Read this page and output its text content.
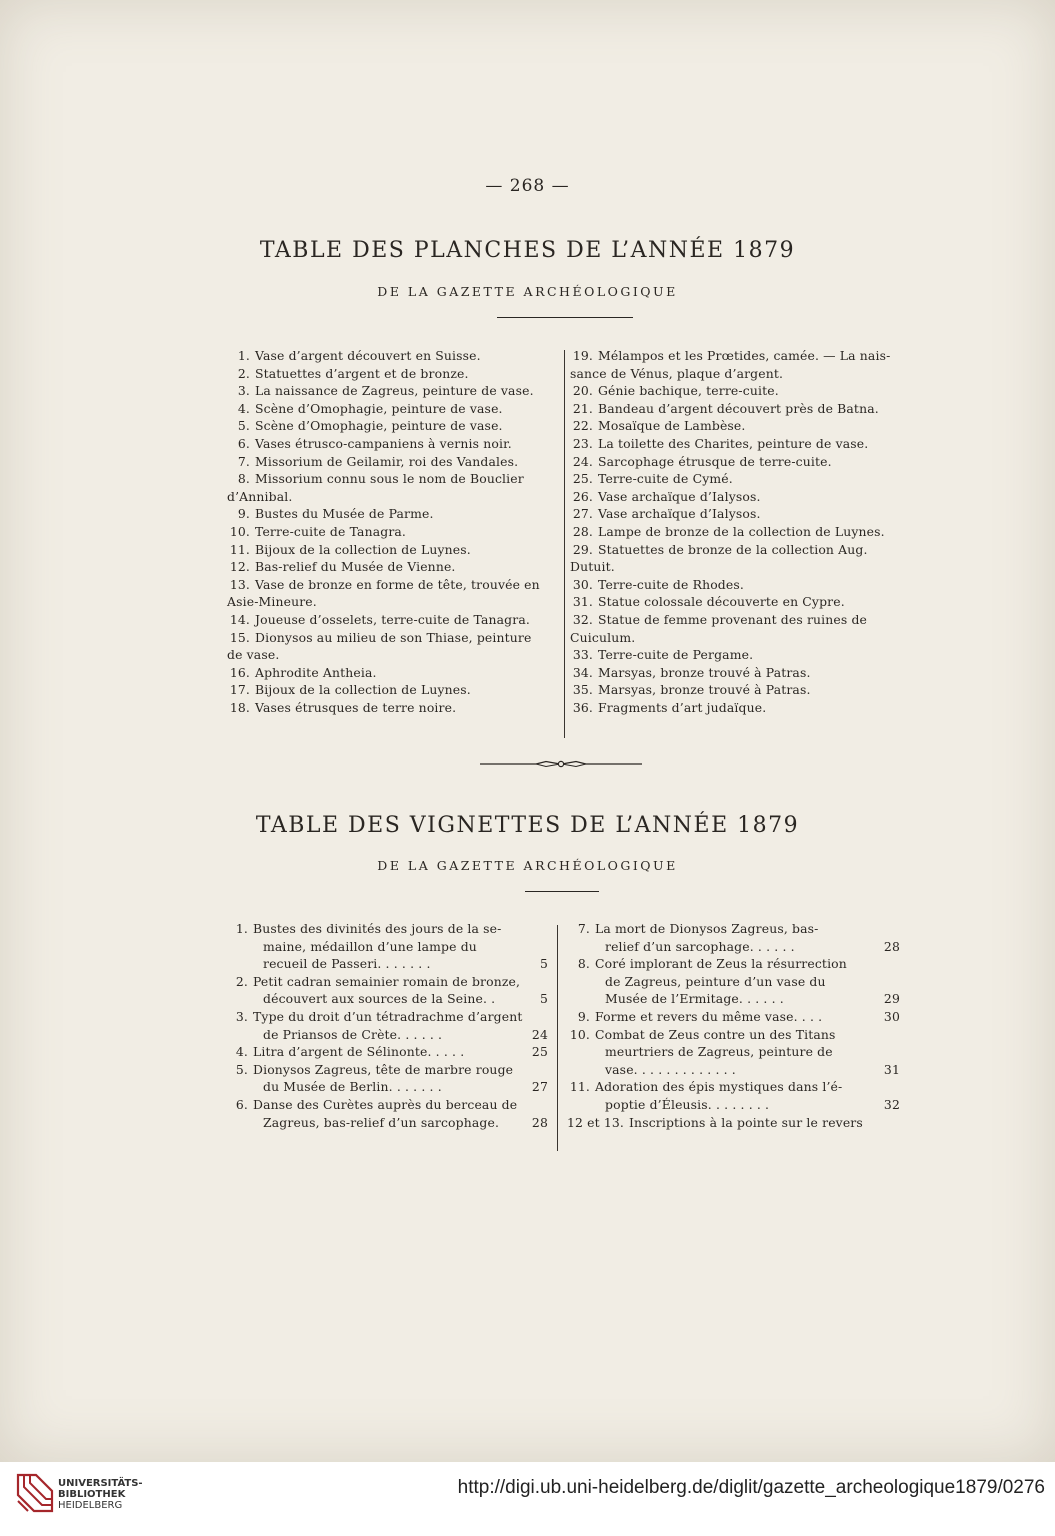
— 268 —
TABLE DES PLANCHES DE L’ANNÉE 1879
DE LA GAZETTE ARCHÉOLOGIQUE
1. Vase d’argent découvert en Suisse.
2. Statuettes d’argent et de bronze.
3. La naissance de Zagreus, peinture de vase.
4. Scène d’Omophagie, peinture de vase.
5. Scène d’Omophagie, peinture de vase.
6. Vases étrusco-campaniens à vernis noir.
7. Missorium de Geilamir, roi des Vandales.
8. Missorium connu sous le nom de Bouclier
d’Annibal.
9. Bustes du Musée de Parme.
10. Terre-cuite de Tanagra.
11. Bijoux de la collection de Luynes.
12. Bas-relief du Musée de Vienne.
13. Vase de bronze en forme de tête, trouvée en
Asie-Mineure.
14. Joueuse d’osselets, terre-cuite de Tanagra.
15. Dionysos au milieu de son Thiase, peinture
de vase.
16. Aphrodite Antheia.
17. Bijoux de la collection de Luynes.
18. Vases étrusques de terre noire.
19. Mélampos et les Prœtides, camée. — La nais-
sance de Vénus, plaque d’argent.
20. Génie bachique, terre-cuite.
21. Bandeau d’argent découvert près de Batna.
22. Mosaïque de Lambèse.
23. La toilette des Charites, peinture de vase.
24. Sarcophage étrusque de terre-cuite.
25. Terre-cuite de Cymé.
26. Vase archaïque d’Ialysos.
27. Vase archaïque d’Ialysos.
28. Lampe de bronze de la collection de Luynes.
29. Statuettes de bronze de la collection Aug.
Dutuit.
30. Terre-cuite de Rhodes.
31. Statue colossale découverte en Cypre.
32. Statue de femme provenant des ruines de
Cuiculum.
33. Terre-cuite de Pergame.
34. Marsyas, bronze trouvé à Patras.
35. Marsyas, bronze trouvé à Patras.
36. Fragments d’art judaïque.
TABLE DES VIGNETTES DE L’ANNÉE 1879
DE LA GAZETTE ARCHÉOLOGIQUE
1. Bustes des divinités des jours de la se-
maine, médaillon d’une lampe du
recueil de Passeri. . . . . . .	5
2. Petit cadran semainier romain de bronze,
découvert aux sources de la Seine. .	5
3. Type du droit d’un tétradrachme d’argent
de Priansos de Crète. . . . . .	24
4. Litra d’argent de Sélinonte. . . . .	25
5. Dionysos Zagreus, tête de marbre rouge
du Musée de Berlin. . . . . . .	27
6. Danse des Curètes auprès du berceau de
Zagreus, bas-relief d’un sarcophage.	28
7. La mort de Dionysos Zagreus, bas-
relief d’un sarcophage. . . . . .	28
8. Coré implorant de Zeus la résurrection
de Zagreus, peinture d’un vase du
Musée de l’Ermitage. . . . . .	29
9. Forme et revers du même vase. . . .	30
10. Combat de Zeus contre un des Titans
meurtriers de Zagreus, peinture de
vase. . . . . . . . . . . . .	31
11. Adoration des épis mystiques dans l’é-
poptie d’Éleusis. . . . . . . .	32
12 et 13. Inscriptions à la pointe sur le revers
UNIVERSITÄTS-
BIBLIOTHEK
HEIDELBERG
http://digi.ub.uni-heidelberg.de/diglit/gazette_archeologique1879/0276
